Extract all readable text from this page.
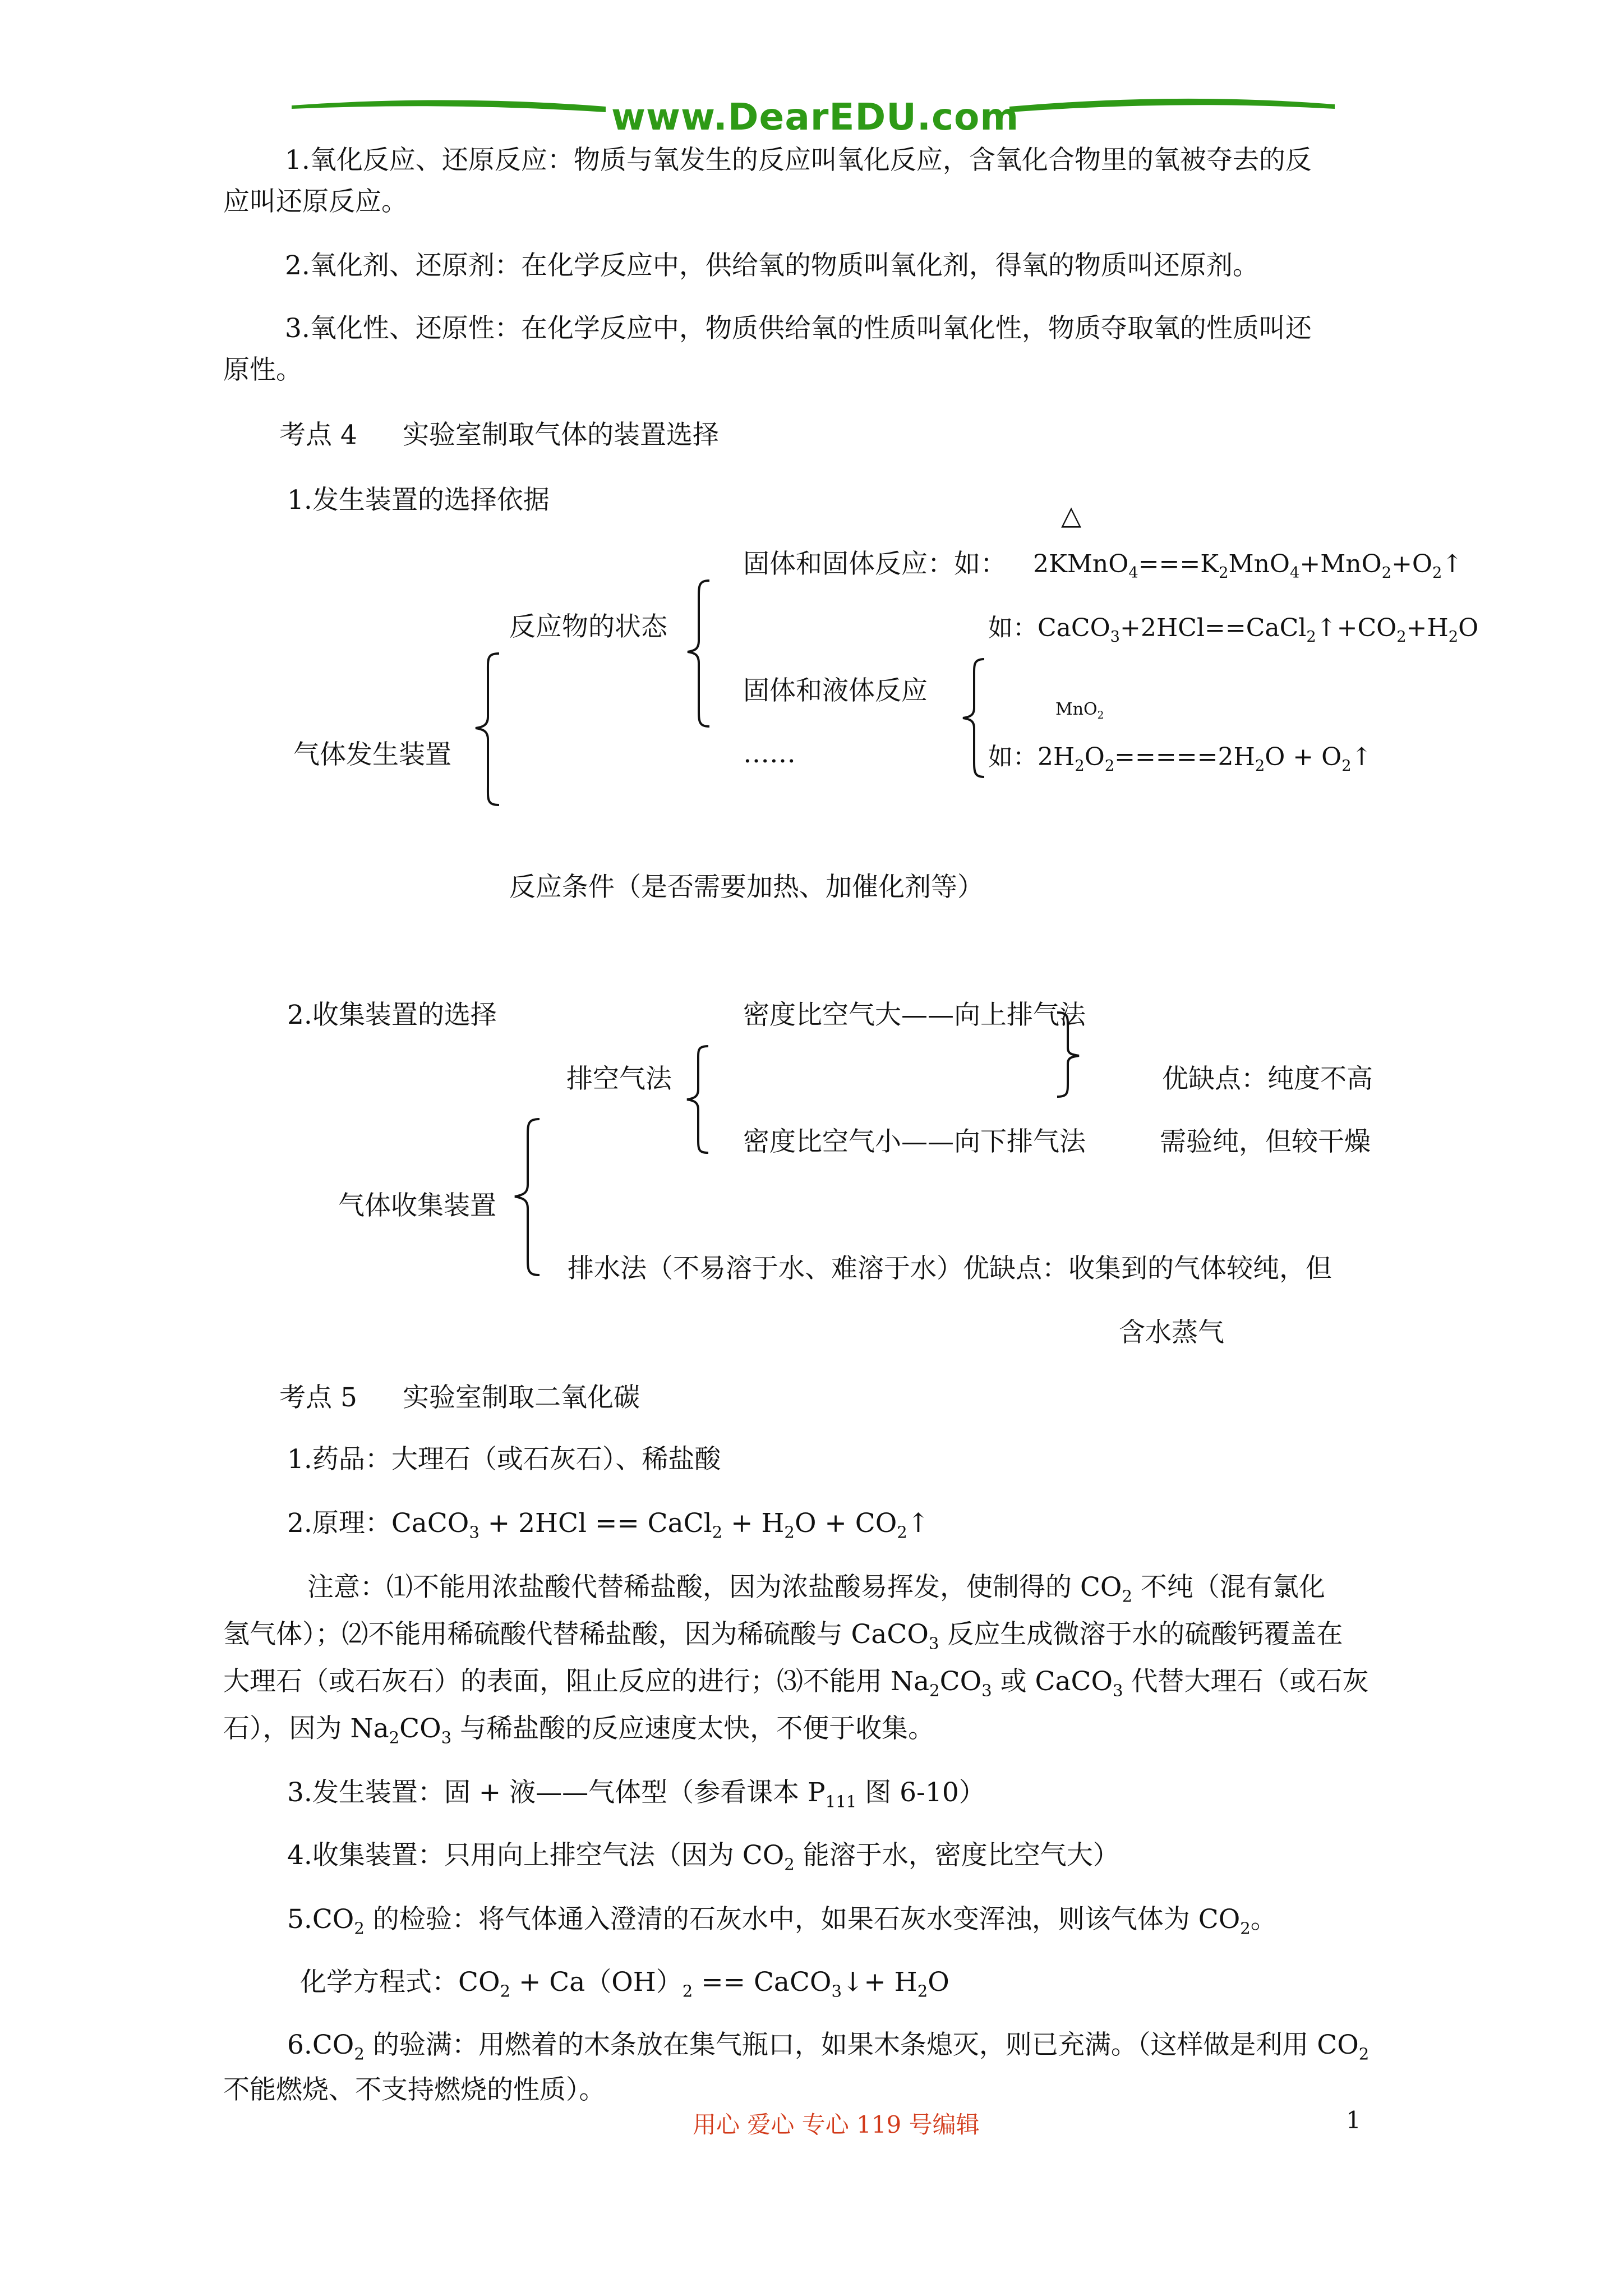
www.DearEDU.com
1.氧化反应、还原反应：物质与氧发生的反应叫氧化反应，含氧化合物里的氧被夺去的反
应叫还原反应。
2.氧化剂、还原剂：在化学反应中，供给氧的物质叫氧化剂，得氧的物质叫还原剂。
3.氧化性、还原性：在化学反应中，物质供给氧的性质叫氧化性，物质夺取氧的性质叫还
原性。
考点 4 实验室制取气体的装置选择
1.发生装置的选择依据
△
固体和固体反应：如： $2KMnO_4===K_2MnO_4+MnO_2+O_2↑$
反应物的状态	如：$CaCO_3+2HCl==CaCl_2↑+CO_2+H_2O$
固体和液体反应
MnO$_2$
气体发生装置	……	如：$2H_2O_2=====2H_2O$ + $O_2↑$
反应条件（是否需要加热、加催化剂等）
2.收集装置的选择	密度比空气大——向上排气法
排空气法	优缺点：纯度不高
密度比空气小——向下排气法	需验纯，但较干燥
气体收集装置
排水法（不易溶于水、难溶于水）优缺点：收集到的气体较纯，但
含水蒸气
考点 5 实验室制取二氧化碳
1.药品：大理石（或石灰石）、稀盐酸
2.原理：CaCO$_3$ + 2HCl == CaCl$_2$ + $H_2O$ + $CO_2↑$
注意：⑴不能用浓盐酸代替稀盐酸，因为浓盐酸易挥发，使制得的 $CO_2$ 不纯（混有氯化
氢气体）；⑵不能用稀硫酸代替稀盐酸，因为稀硫酸与 CaCO$_3$ 反应生成微溶于水的硫酸钙覆盖在
大理石（或石灰石）的表面，阻止反应的进行；⑶不能用 $Na_2CO_3$ 或 CaCO$_3$ 代替大理石（或石灰
石），因为 $Na_2CO_3$ 与稀盐酸的反应速度太快，不便于收集。
3.发生装置：固 + 液——气体型（参看课本 $P_{111}$ 图 6-10）
4.收集装置：只用向上排空气法（因为 $CO_2$ 能溶于水，密度比空气大）
$5.CO_2$ 的检验：将气体通入澄清的石灰水中，如果石灰水变浑浊，则该气体为 $CO_2$。
化学方程式：$CO_2 + Ca(OH)_2$ == CaCO$_3$↓+ $H_2O$
$6.CO_2$ 的验满：用燃着的木条放在集气瓶口，如果木条熄灭，则已充满。（这样做是利用 $CO_2$
不能燃烧、不支持燃烧的性质）。
用心 爱心 专心 119 号编辑	1
